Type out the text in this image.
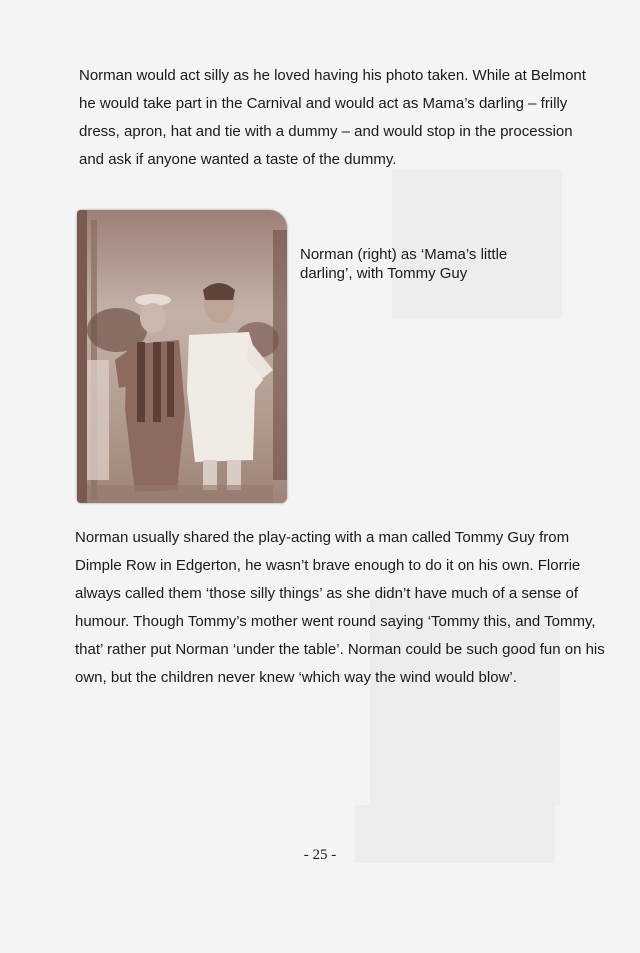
Norman would act silly as he loved having his photo taken. While at Belmont he would take part in the Carnival and would act as Mama’s darling – frilly dress, apron, hat and tie with a dummy – and would stop in the procession and ask if anyone wanted a taste of the dummy.

Norman (right) as ‘Mama’s little darling’, with Tommy Guy

Norman usually shared the play-acting with a man called Tommy Guy from Dimple Row in Edgerton, he wasn’t brave enough to do it on his own. Florrie always called them ‘those silly things’ as she didn’t have much of a sense of humour. Though Tommy’s mother went round saying ‘Tommy this, and Tommy, that’ rather put Norman ‘under the table’. Norman could be such good fun on his own, but the children never knew ‘which way the wind would blow’.

- 25 -
